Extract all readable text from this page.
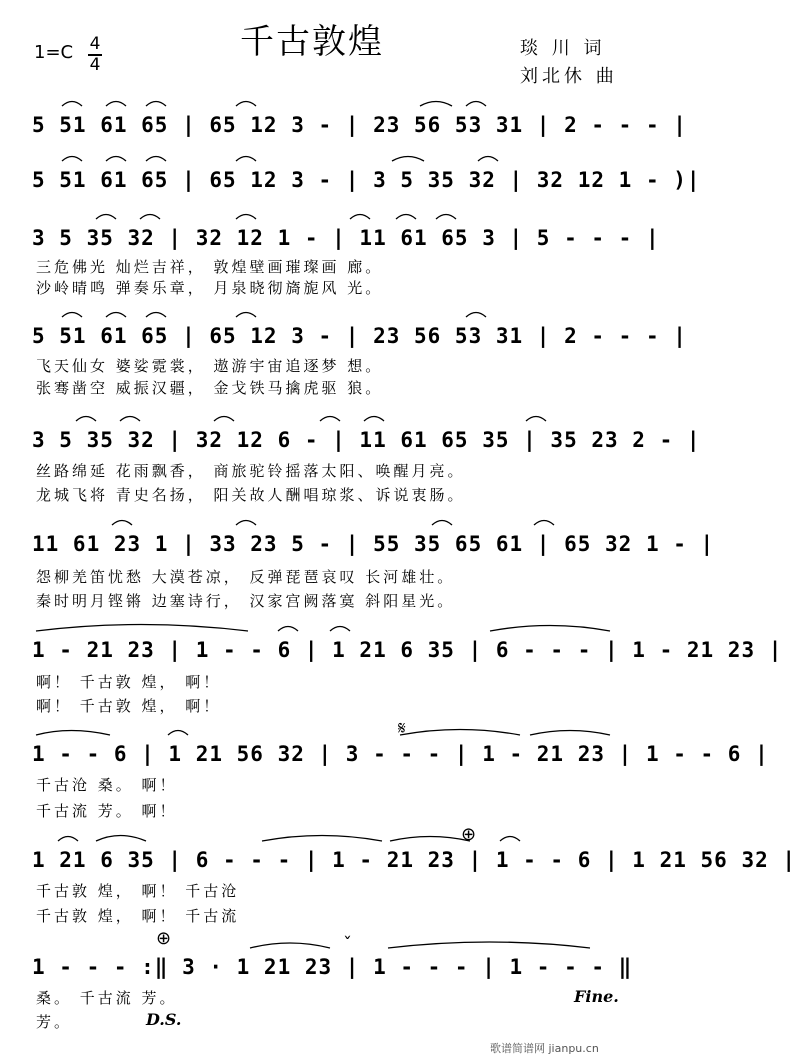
千古敦煌
1=C 4
4
琰 川 词
刘北休 曲
5 51 61 65 | 65 12 3 - | 23 56 53 31 | 2 - - - |
5 51 61 65 | 65 12 3 - | 3 5 35 32 | 32 12 1 - )|
3 5 35 32 | 32 12 1 - | 11 61 65 3 | 5 - - - |
三危佛光 灿烂吉祥， 敦煌壁画璀璨画 廊。
沙岭晴鸣 弹奏乐章， 月泉晓彻旖旎风 光。
5 51 61 65 | 65 12 3 - | 23 56 53 31 | 2 - - - |
飞天仙女 婆娑霓裳， 遨游宇宙追逐梦 想。
张骞凿空 威振汉疆， 金戈铁马擒虎驱 狼。
3 5 35 32 | 32 12 6 - | 11 61 65 35 | 35 23 2 - |
丝路绵延 花雨飘香， 商旅驼铃摇落太阳、唤醒月亮。
龙城飞将 青史名扬， 阳关故人酬唱琼浆、诉说衷肠。
11 61 23 1 | 33 23 5 - | 55 35 65 61 | 65 32 1 - |
怨柳羌笛忧愁 大漠苍凉， 反弹琵琶哀叹 长河雄壮。
秦时明月铿锵 边塞诗行， 汉家宫阙落寞 斜阳星光。
1 - 21 23 | 1 - - 6 | 1 21 6 35 | 6 - - - | 1 - 21 23 |
啊！ 千古敦 煌， 啊！
啊！ 千古敦 煌， 啊！
𝄋
1 - - 6 | 1 21 56 32 | 3 - - - | 1 - 21 23 | 1 - - 6 |
千古沧 桑。 啊！
千古流 芳。 啊！
⊕
1 21 6 35 | 6 - - - | 1 - 21 23 | 1 - - 6 | 1 21 56 32 |
千古敦 煌， 啊！ 千古沧
千古敦 煌， 啊！ 千古流
⊕	ˇ
1 - - - :‖ 3 · 1 21 23 | 1 - - - | 1 - - - ‖
桑。 千古流 芳。
芳。
Fine.
D.S.
歌谱简谱网 jianpu.cn
